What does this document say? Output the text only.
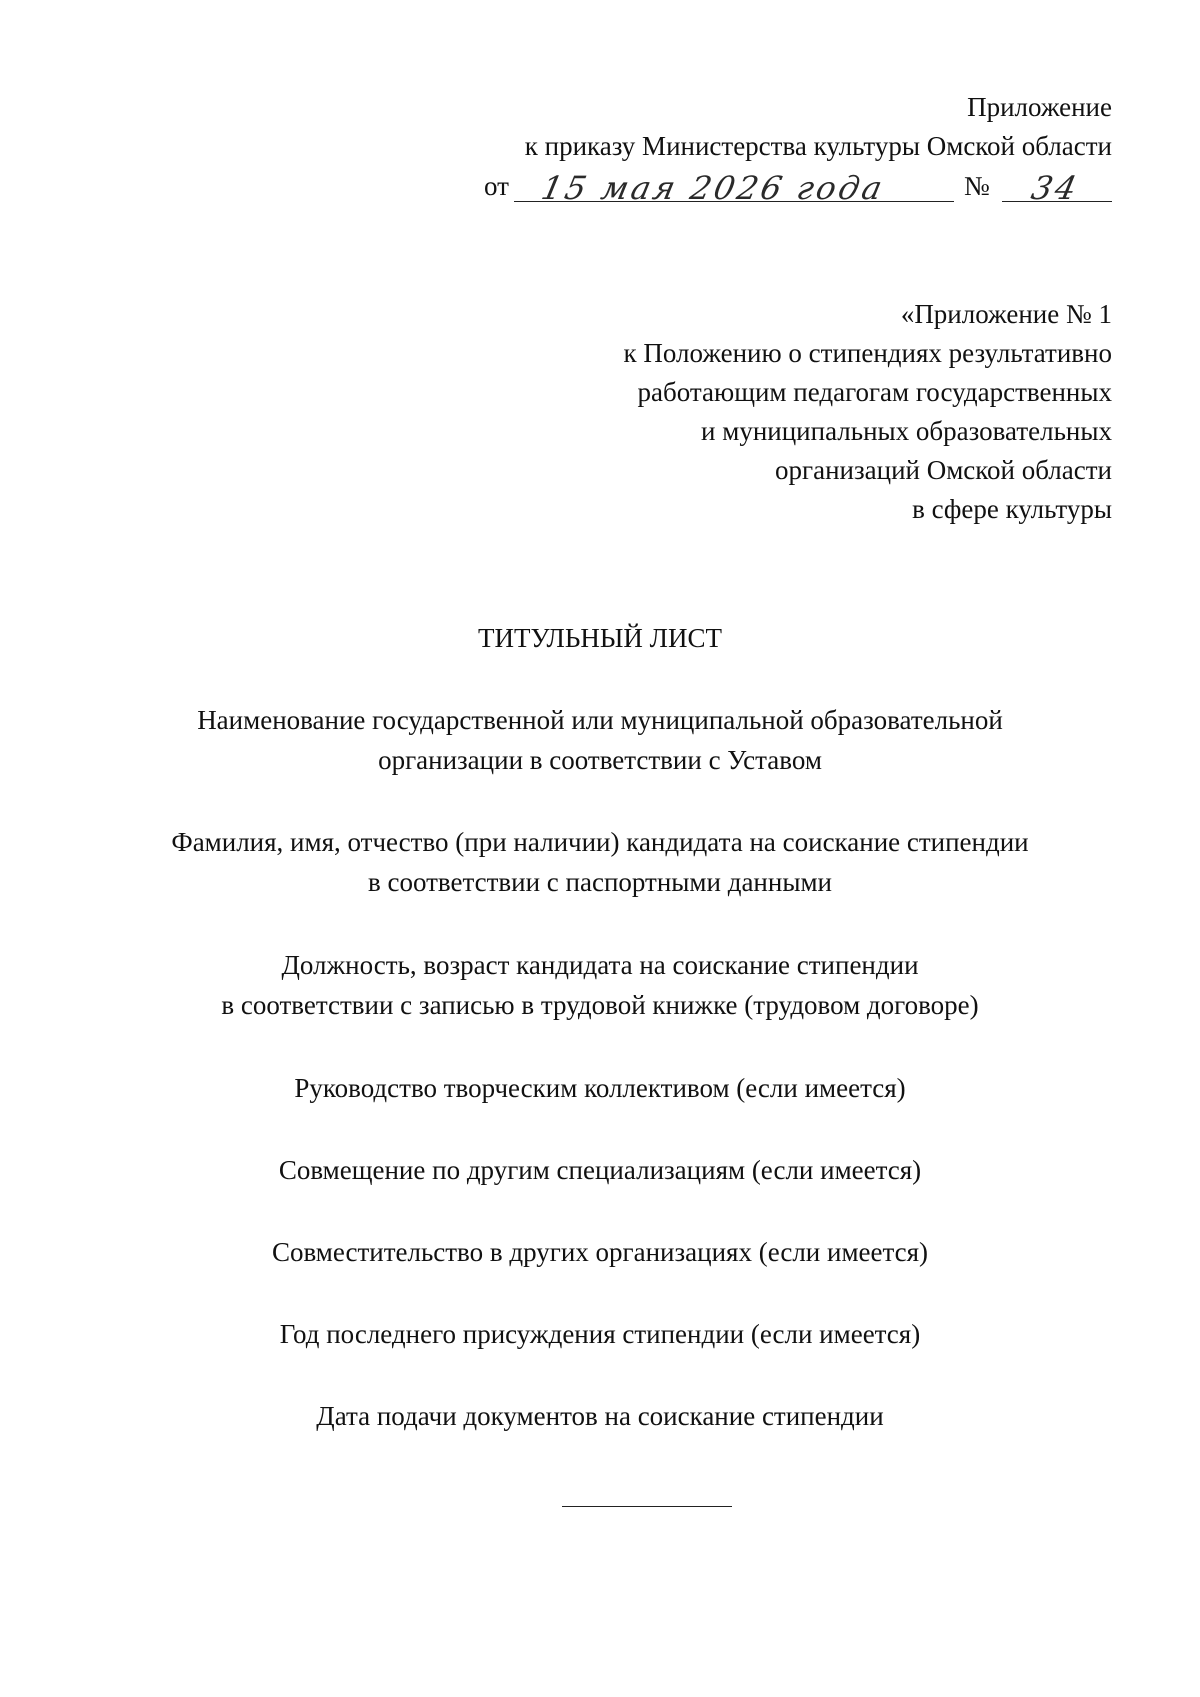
Приложение
к приказу Министерства культуры Омской области
от 15 мая 2026 года	№ 34
«Приложение № 1
к Положению о стипендиях результативно
работающим педагогам государственных
и муниципальных образовательных
организаций Омской области
в сфере культуры
ТИТУЛЬНЫЙ ЛИСТ
Наименование государственной или муниципальной образовательной
организации в соответствии с Уставом
Фамилия, имя, отчество (при наличии) кандидата на соискание стипендии
в соответствии с паспортными данными
Должность, возраст кандидата на соискание стипендии
в соответствии с записью в трудовой книжке (трудовом договоре)
Руководство творческим коллективом (если имеется)
Совмещение по другим специализациям (если имеется)
Совместительство в других организациях (если имеется)
Год последнего присуждения стипендии (если имеется)
Дата подачи документов на соискание стипендии
